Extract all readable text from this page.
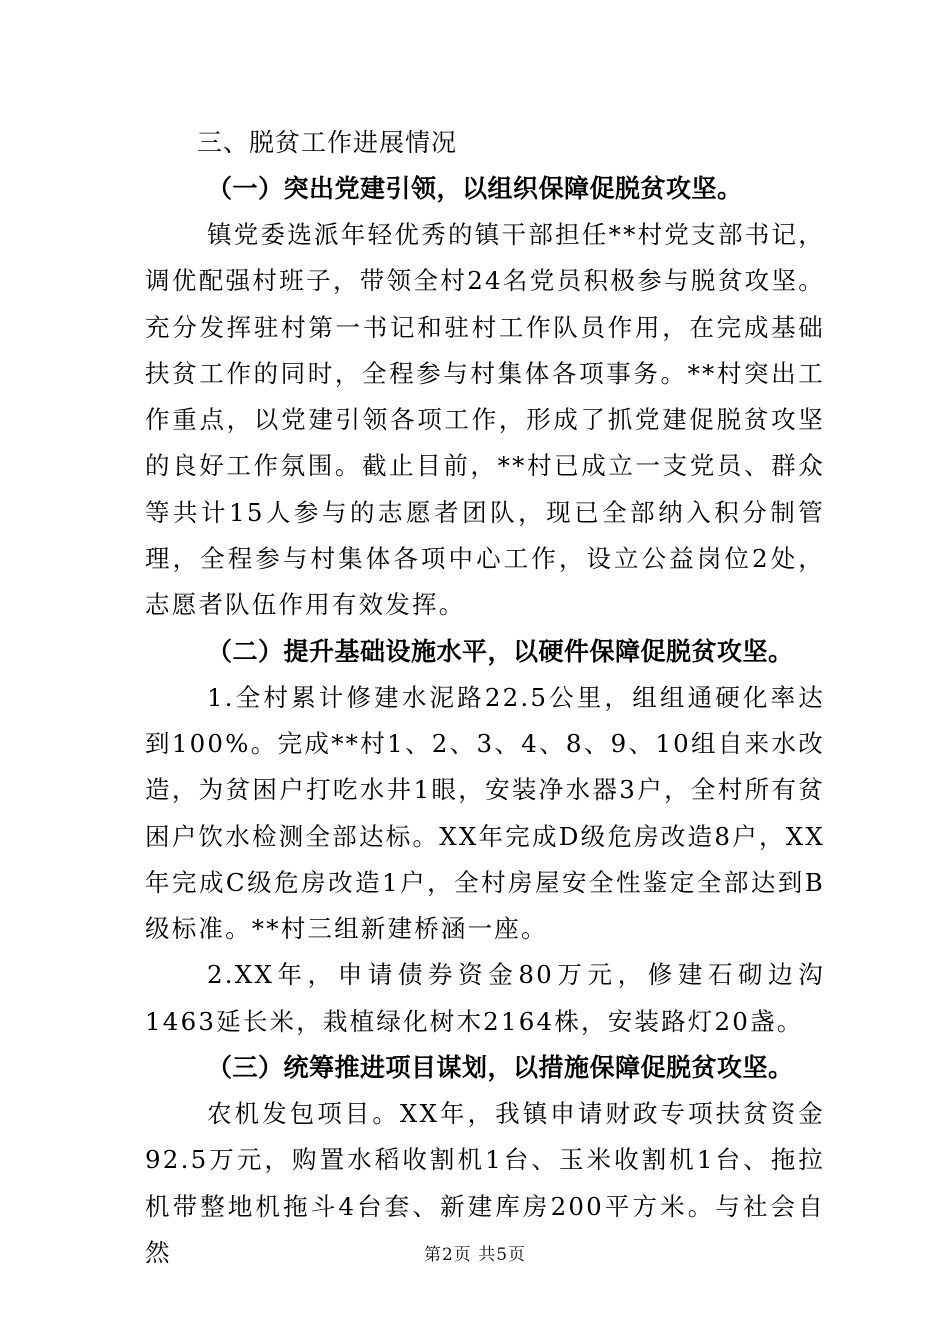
三、脱贫工作进展情况

（一）突出党建引领，以组织保障促脱贫攻坚。

镇党委选派年轻优秀的镇干部担任**村党支部书记，调优配强村班子，带领全村24名党员积极参与脱贫攻坚。充分发挥驻村第一书记和驻村工作队员作用，在完成基础扶贫工作的同时，全程参与村集体各项事务。**村突出工作重点，以党建引领各项工作，形成了抓党建促脱贫攻坚的良好工作氛围。截止目前，**村已成立一支党员、群众等共计15人参与的志愿者团队，现已全部纳入积分制管理，全程参与村集体各项中心工作，设立公益岗位2处，志愿者队伍作用有效发挥。

（二）提升基础设施水平，以硬件保障促脱贫攻坚。

1.全村累计修建水泥路22.5公里，组组通硬化率达到100%。完成**村1、2、3、4、8、9、10组自来水改造，为贫困户打吃水井1眼，安装净水器3户，全村所有贫困户饮水检测全部达标。XX年完成D级危房改造8户，XX年完成C级危房改造1户，全村房屋安全性鉴定全部达到B级标准。**村三组新建桥涵一座。

2.XX年，申请债券资金80万元，修建石砌边沟1463延长米，栽植绿化树木2164株，安装路灯20盏。

（三）统筹推进项目谋划，以措施保障促脱贫攻坚。

农机发包项目。XX年，我镇申请财政专项扶贫资金92.5万元，购置水稻收割机1台、玉米收割机1台、拖拉机带整地机拖斗4台套、新建库房200平方米。与社会自然	第2页 共5页
